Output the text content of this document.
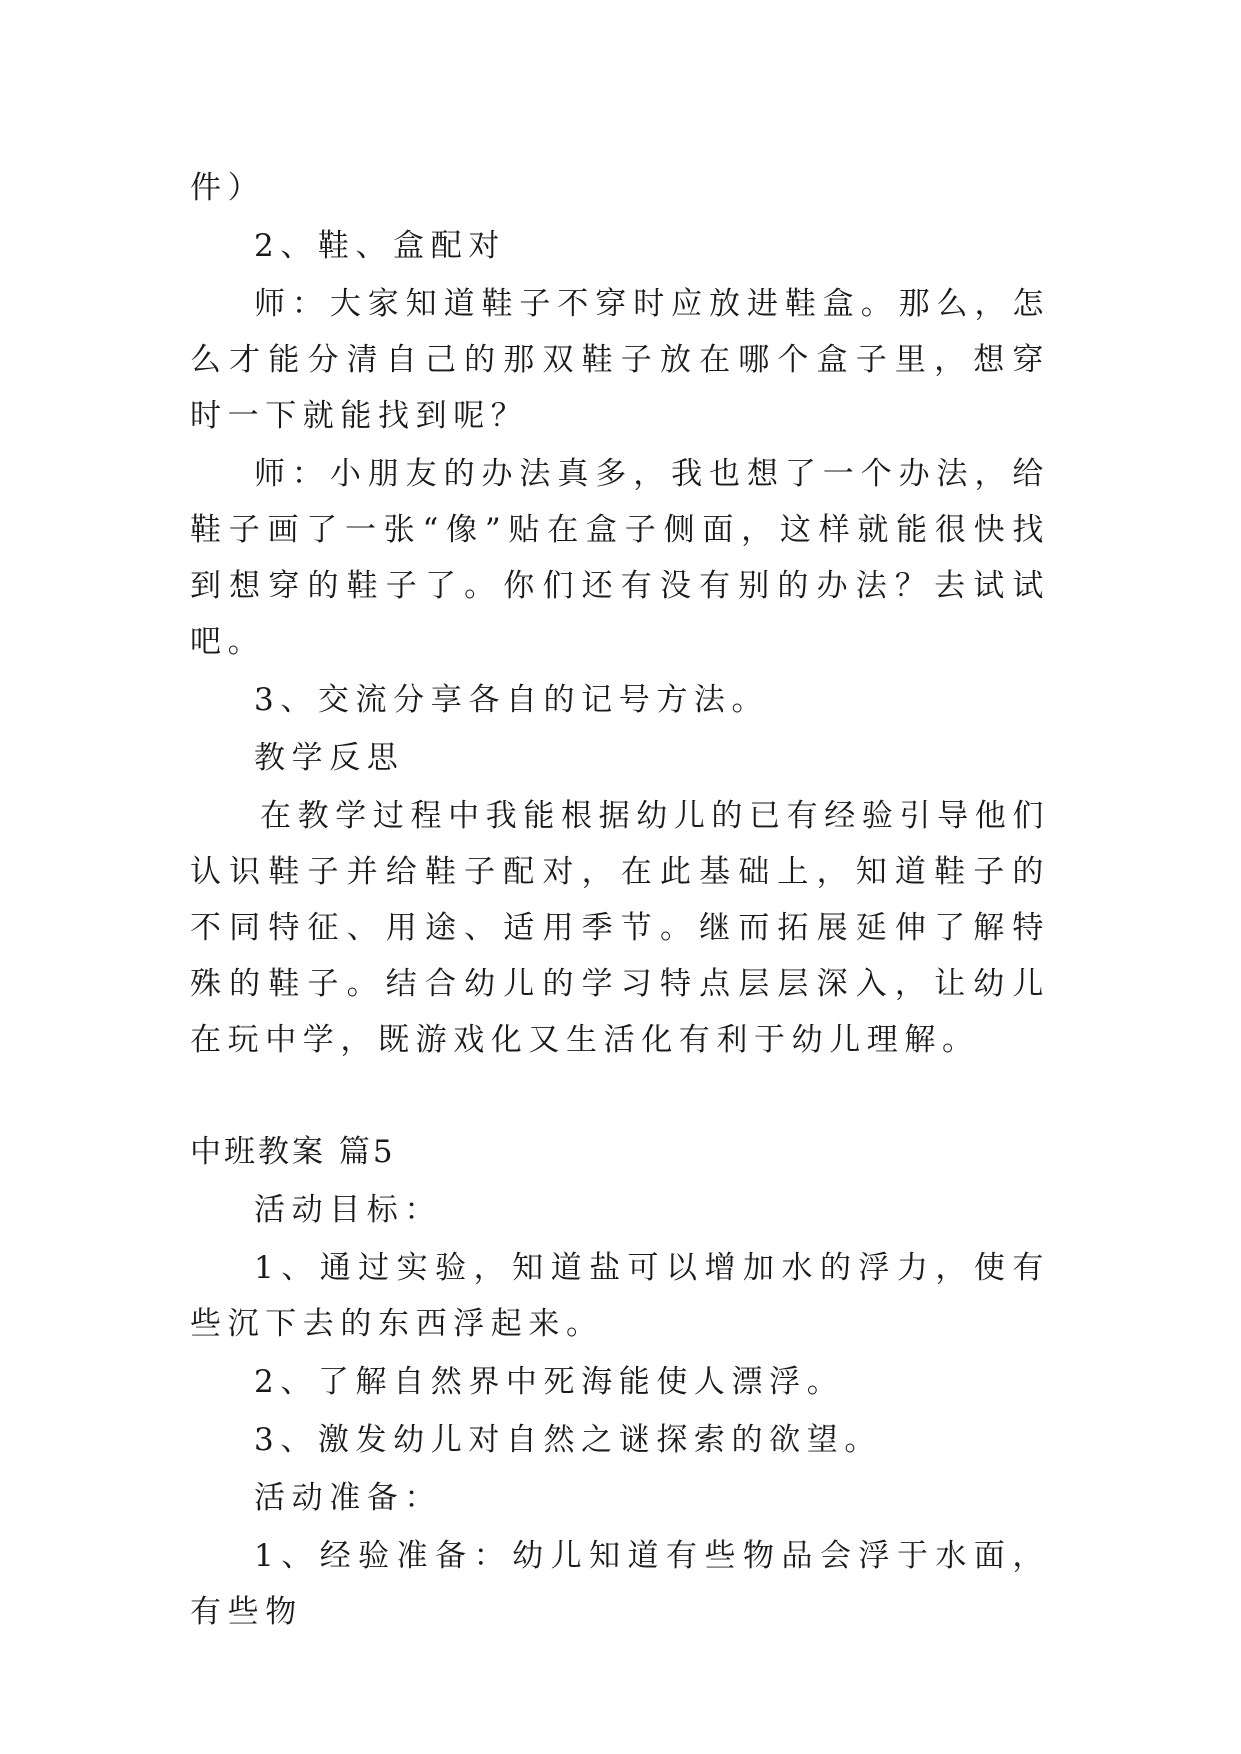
件）

2、鞋、盒配对

师：大家知道鞋子不穿时应放进鞋盒。那么，怎么才能分清自己的那双鞋子放在哪个盒子里，想穿时一下就能找到呢？

师：小朋友的办法真多，我也想了一个办法，给鞋子画了一张“像”贴在盒子侧面，这样就能很快找到想穿的鞋子了。你们还有没有别的办法？去试试吧。

3、交流分享各自的记号方法。

教学反思

在教学过程中我能根据幼儿的已有经验引导他们认识鞋子并给鞋子配对，在此基础上，知道鞋子的不同特征、用途、适用季节。继而拓展延伸了解特殊的鞋子。结合幼儿的学习特点层层深入，让幼儿在玩中学，既游戏化又生活化有利于幼儿理解。

中班教案 篇5

活动目标：

1、通过实验，知道盐可以增加水的浮力，使有些沉下去的东西浮起来。

2、了解自然界中死海能使人漂浮。

3、激发幼儿对自然之谜探索的欲望。

活动准备：

1、经验准备：幼儿知道有些物品会浮于水面，有些物
